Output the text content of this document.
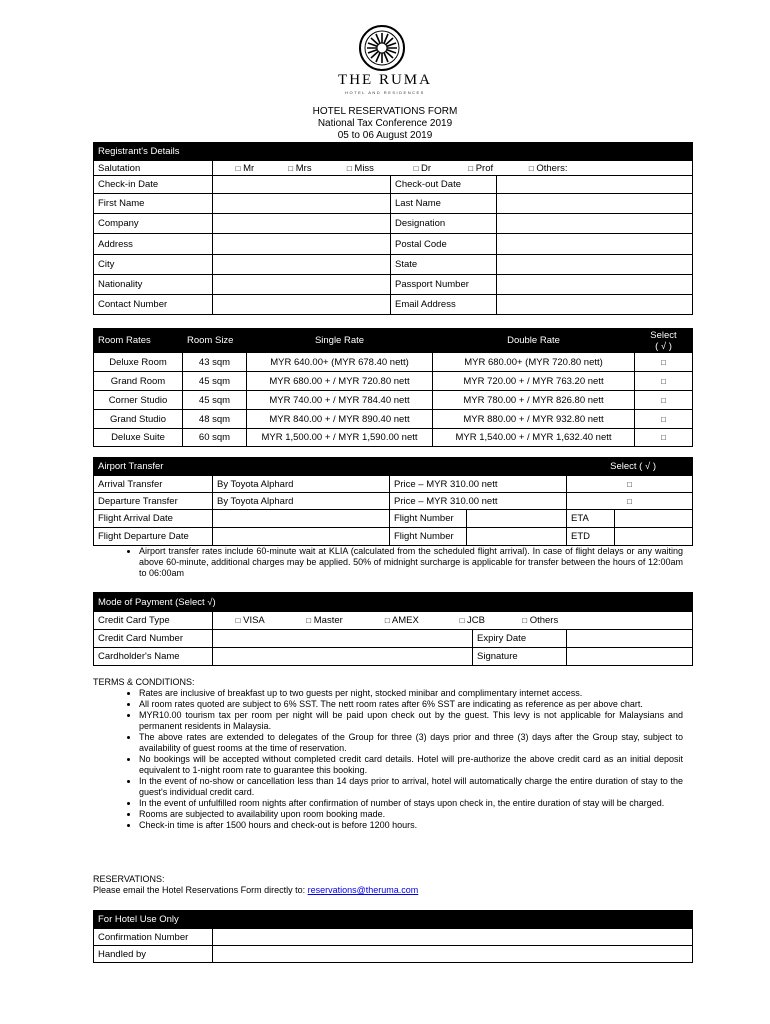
THE RUMA
HOTEL AND RESIDENCES
HOTEL RESERVATIONS FORM
National Tax Conference 2019
05 to 06 August 2019
Registrant's Details			
Salutation	□ Mr □ Mrs □ Miss □ Dr □ Prof □ Others:		
Check-in Date		Check-out Date	
First Name		Last Name	
Company		Designation	
Address		Postal Code	
City		State	
Nationality		Passport Number	
Contact Number		Email Address	
Room Rates	Room Size	Single Rate	Double Rate	Select
( √ )

Deluxe Room	43 sqm	MYR 640.00+ (MYR 678.40 nett)	MYR 680.00+ (MYR 720.80 nett)	□
Grand Room	45 sqm	MYR 680.00 + / MYR 720.80 nett	MYR 720.00 + / MYR 763.20 nett	□
Corner Studio	45 sqm	MYR 740.00 + / MYR 784.40 nett	MYR 780.00 + / MYR 826.80 nett	□
Grand Studio	48 sqm	MYR 840.00 + / MYR 890.40 nett	MYR 880.00 + / MYR 932.80 nett	□
Deluxe Suite	60 sqm	MYR 1,500.00 + / MYR 1,590.00 nett	MYR 1,540.00 + / MYR 1,632.40 nett	□
Airport Transfer				Select ( √ )	
Arrival Transfer	By Toyota Alphard	Price – MYR 310.00 nett		□	
Departure Transfer	By Toyota Alphard	Price – MYR 310.00 nett		□	
Flight Arrival Date		Flight Number		ETA	
Flight Departure Date		Flight Number		ETD	
• Airport transfer rates include 60-minute wait at KLIA (calculated from the scheduled flight arrival). In case of flight delays or any waiting above 60-minute, additional charges may be applied. 50% of midnight surcharge is applicable for transfer between the hours of 12:00am to 06:00am
Mode of Payment (Select √)			
Credit Card Type	□ VISA □ Master □ AMEX □ JCB □ Others		
Credit Card Number		Expiry Date	
Cardholder's Name		Signature	
TERMS & CONDITIONS:
• Rates are inclusive of breakfast up to two guests per night, stocked minibar and complimentary internet access.
• All room rates quoted are subject to 6% SST. The nett room rates after 6% SST are indicating as reference as per above chart.
• MYR10.00 tourism tax per room per night will be paid upon check out by the guest. This levy is not applicable for Malaysians and permanent residents in Malaysia.
• The above rates are extended to delegates of the Group for three (3) days prior and three (3) days after the Group stay, subject to availability of guest rooms at the time of reservation.
• No bookings will be accepted without completed credit card details. Hotel will pre-authorize the above credit card as an initial deposit equivalent to 1-night room rate to guarantee this booking.
• In the event of no-show or cancellation less than 14 days prior to arrival, hotel will automatically charge the entire duration of stay to the guest's individual credit card.
• In the event of unfulfilled room nights after confirmation of number of stays upon check in, the entire duration of stay will be charged.
• Rooms are subjected to availability upon room booking made.
• Check-in time is after 1500 hours and check-out is before 1200 hours.
RESERVATIONS:
Please email the Hotel Reservations Form directly to: reservations@theruma.com
For Hotel Use Only	
Confirmation Number	
Handled by	
